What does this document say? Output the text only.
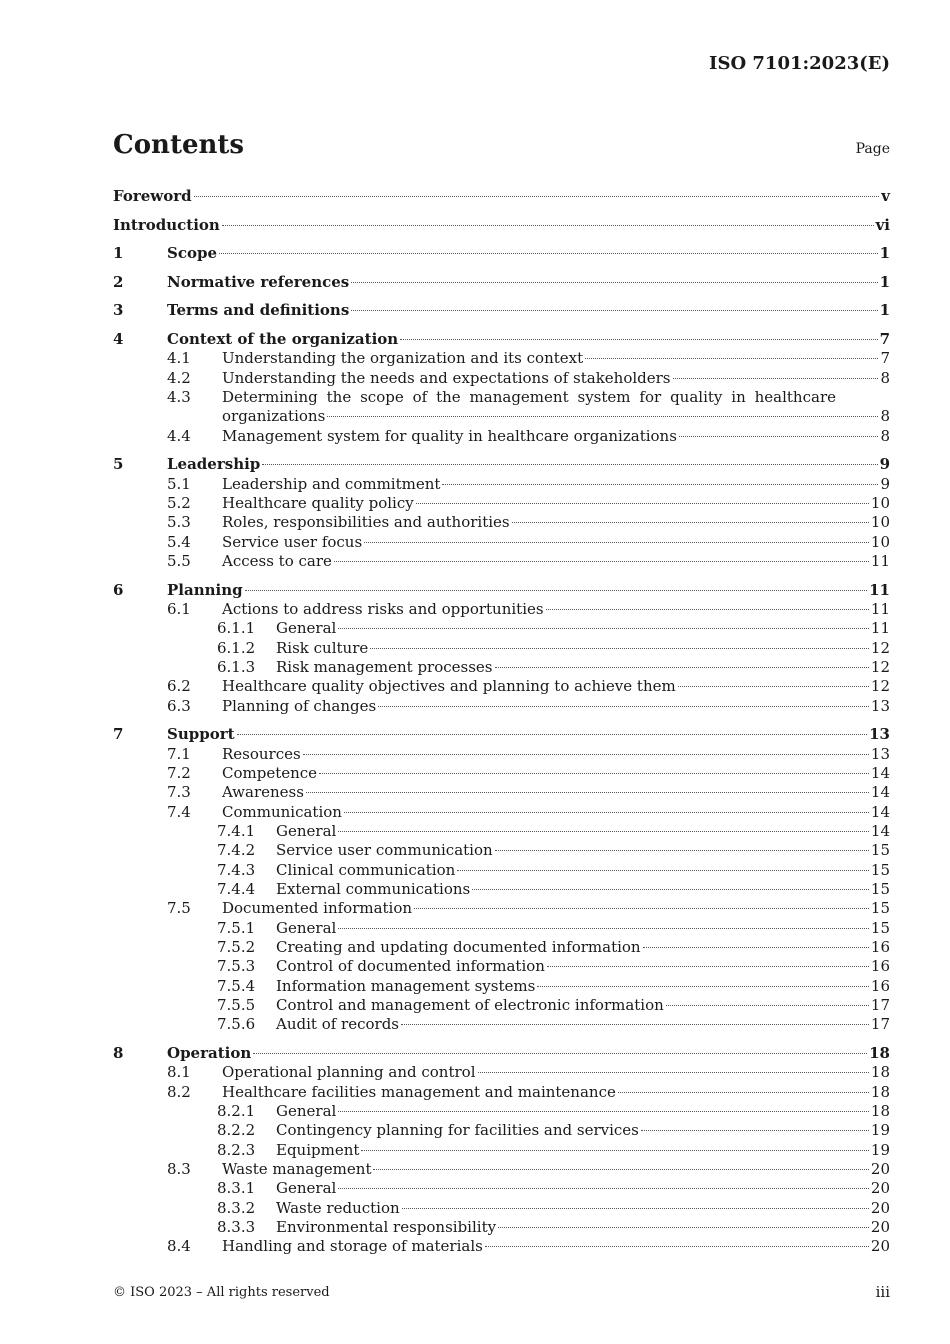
ISO 7101:2023(E)
Contents	Page
Foreword	v
Introduction	vi
1	Scope	1
2	Normative references	1
3	Terms and definitions	1
4	Context of the organization	7
4.1 Understanding the organization and its context	7
4.2 Understanding the needs and expectations of stakeholders	8
4.3 Determining the scope of the management system for quality in healthcare
organizations	8
4.4 Management system for quality in healthcare organizations	8
5	Leadership	9
5.1 Leadership and commitment	9
5.2 Healthcare quality policy	10
5.3 Roles, responsibilities and authorities	10
5.4 Service user focus	10
5.5 Access to care	11
6	Planning	11
6.1 Actions to address risks and opportunities	11
6.1.1 General	11
6.1.2 Risk culture	12
6.1.3 Risk management processes	12
6.2 Healthcare quality objectives and planning to achieve them	12
6.3 Planning of changes	13
7	Support	13
7.1 Resources	13
7.2 Competence	14
7.3 Awareness	14
7.4 Communication	14
7.4.1 General	14
7.4.2 Service user communication	15
7.4.3 Clinical communication	15
7.4.4 External communications	15
7.5 Documented information	15
7.5.1 General	15
7.5.2 Creating and updating documented information	16
7.5.3 Control of documented information	16
7.5.4 Information management systems	16
7.5.5 Control and management of electronic information	17
7.5.6 Audit of records	17
8	Operation	18
8.1 Operational planning and control	18
8.2 Healthcare facilities management and maintenance	18
8.2.1 General	18
8.2.2 Contingency planning for facilities and services	19
8.2.3 Equipment	19
8.3 Waste management	20
8.3.1 General	20
8.3.2 Waste reduction	20
8.3.3 Environmental responsibility	20
8.4 Handling and storage of materials	20
© ISO 2023 – All rights reserved	iii
